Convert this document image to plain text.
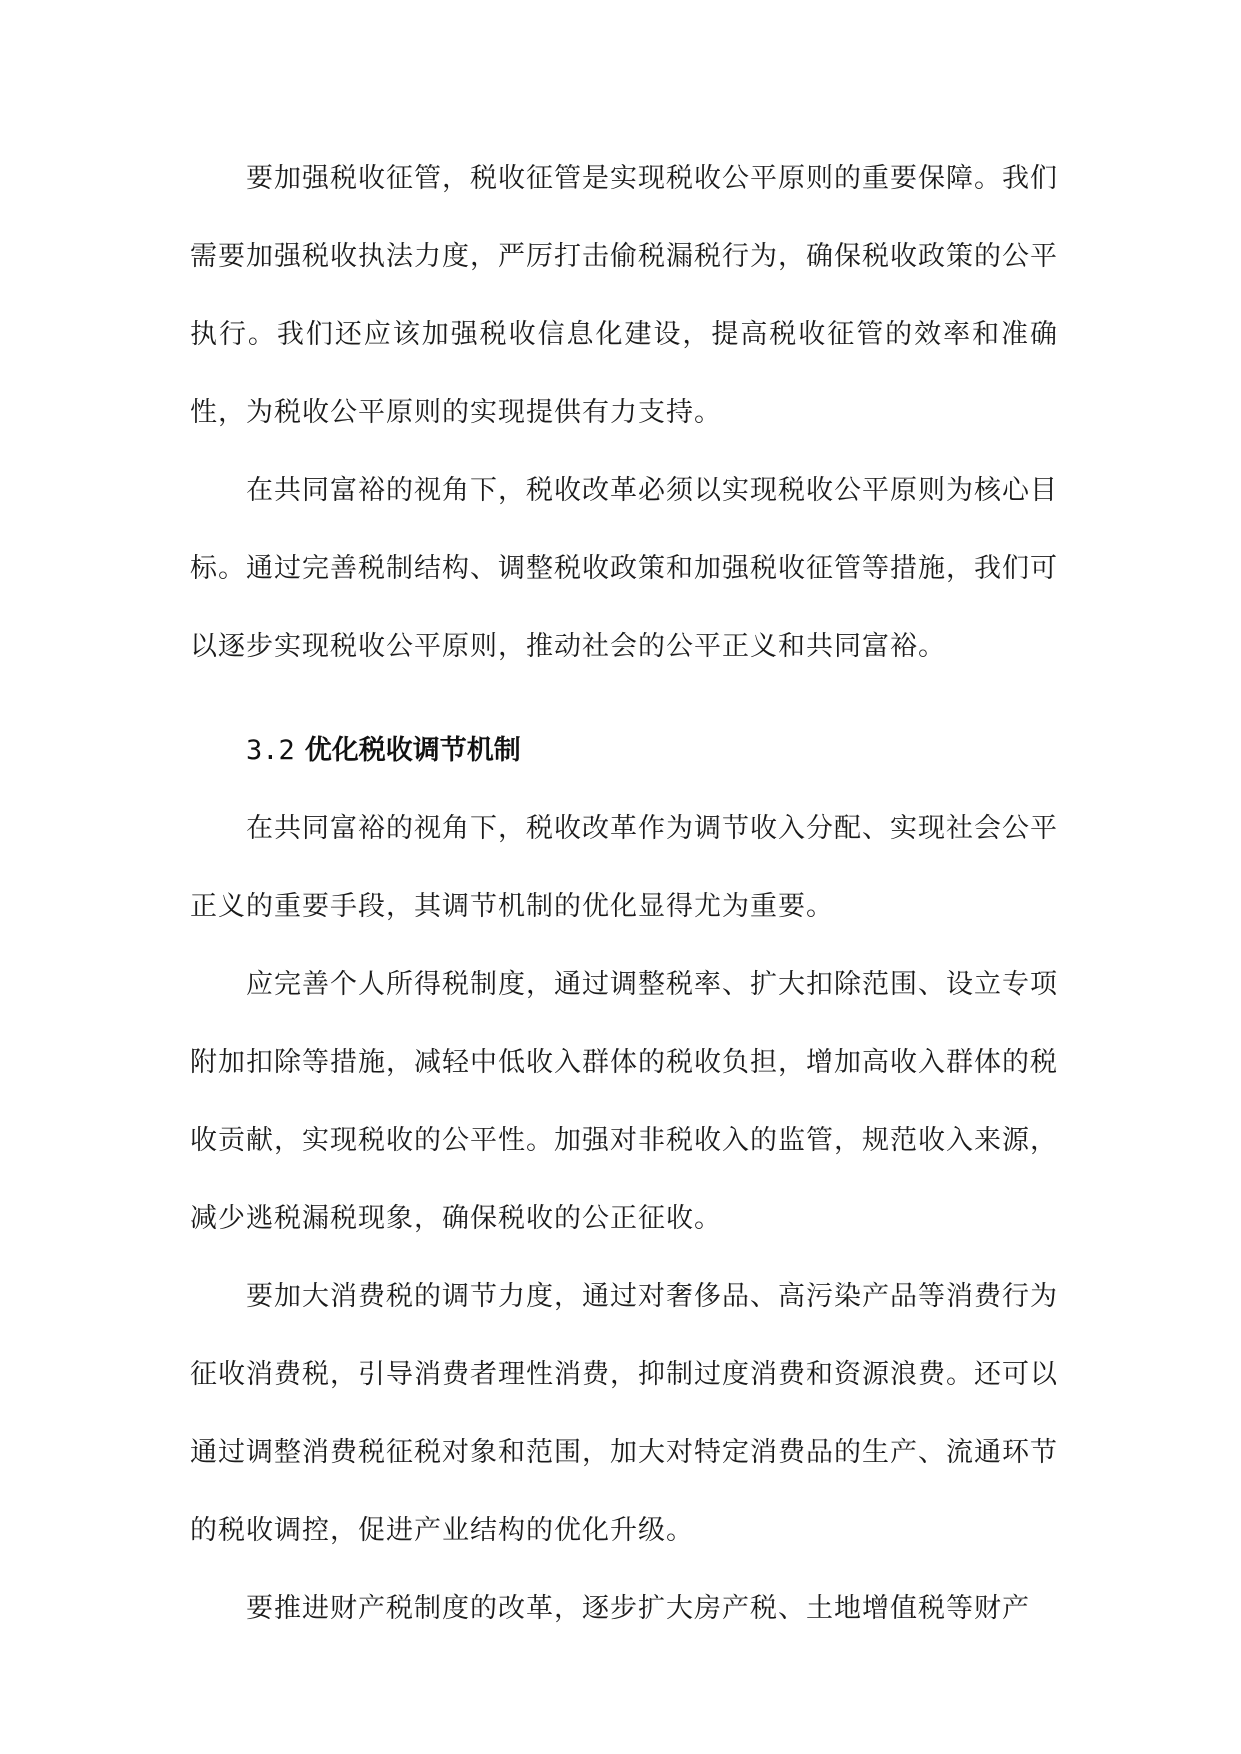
要加强税收征管，税收征管是实现税收公平原则的重要保障。我们需要加强税收执法力度，严厉打击偷税漏税行为，确保税收政策的公平执行。我们还应该加强税收信息化建设，提高税收征管的效率和准确性，为税收公平原则的实现提供有力支持。

在共同富裕的视角下，税收改革必须以实现税收公平原则为核心目标。通过完善税制结构、调整税收政策和加强税收征管等措施，我们可以逐步实现税收公平原则，推动社会的公平正义和共同富裕。

3.2 优化税收调节机制

在共同富裕的视角下，税收改革作为调节收入分配、实现社会公平正义的重要手段，其调节机制的优化显得尤为重要。

应完善个人所得税制度，通过调整税率、扩大扣除范围、设立专项附加扣除等措施，减轻中低收入群体的税收负担，增加高收入群体的税收贡献，实现税收的公平性。加强对非税收入的监管，规范收入来源，减少逃税漏税现象，确保税收的公正征收。

要加大消费税的调节力度，通过对奢侈品、高污染产品等消费行为征收消费税，引导消费者理性消费，抑制过度消费和资源浪费。还可以通过调整消费税征税对象和范围，加大对特定消费品的生产、流通环节的税收调控，促进产业结构的优化升级。

要推进财产税制度的改革，逐步扩大房产税、土地增值税等财产
